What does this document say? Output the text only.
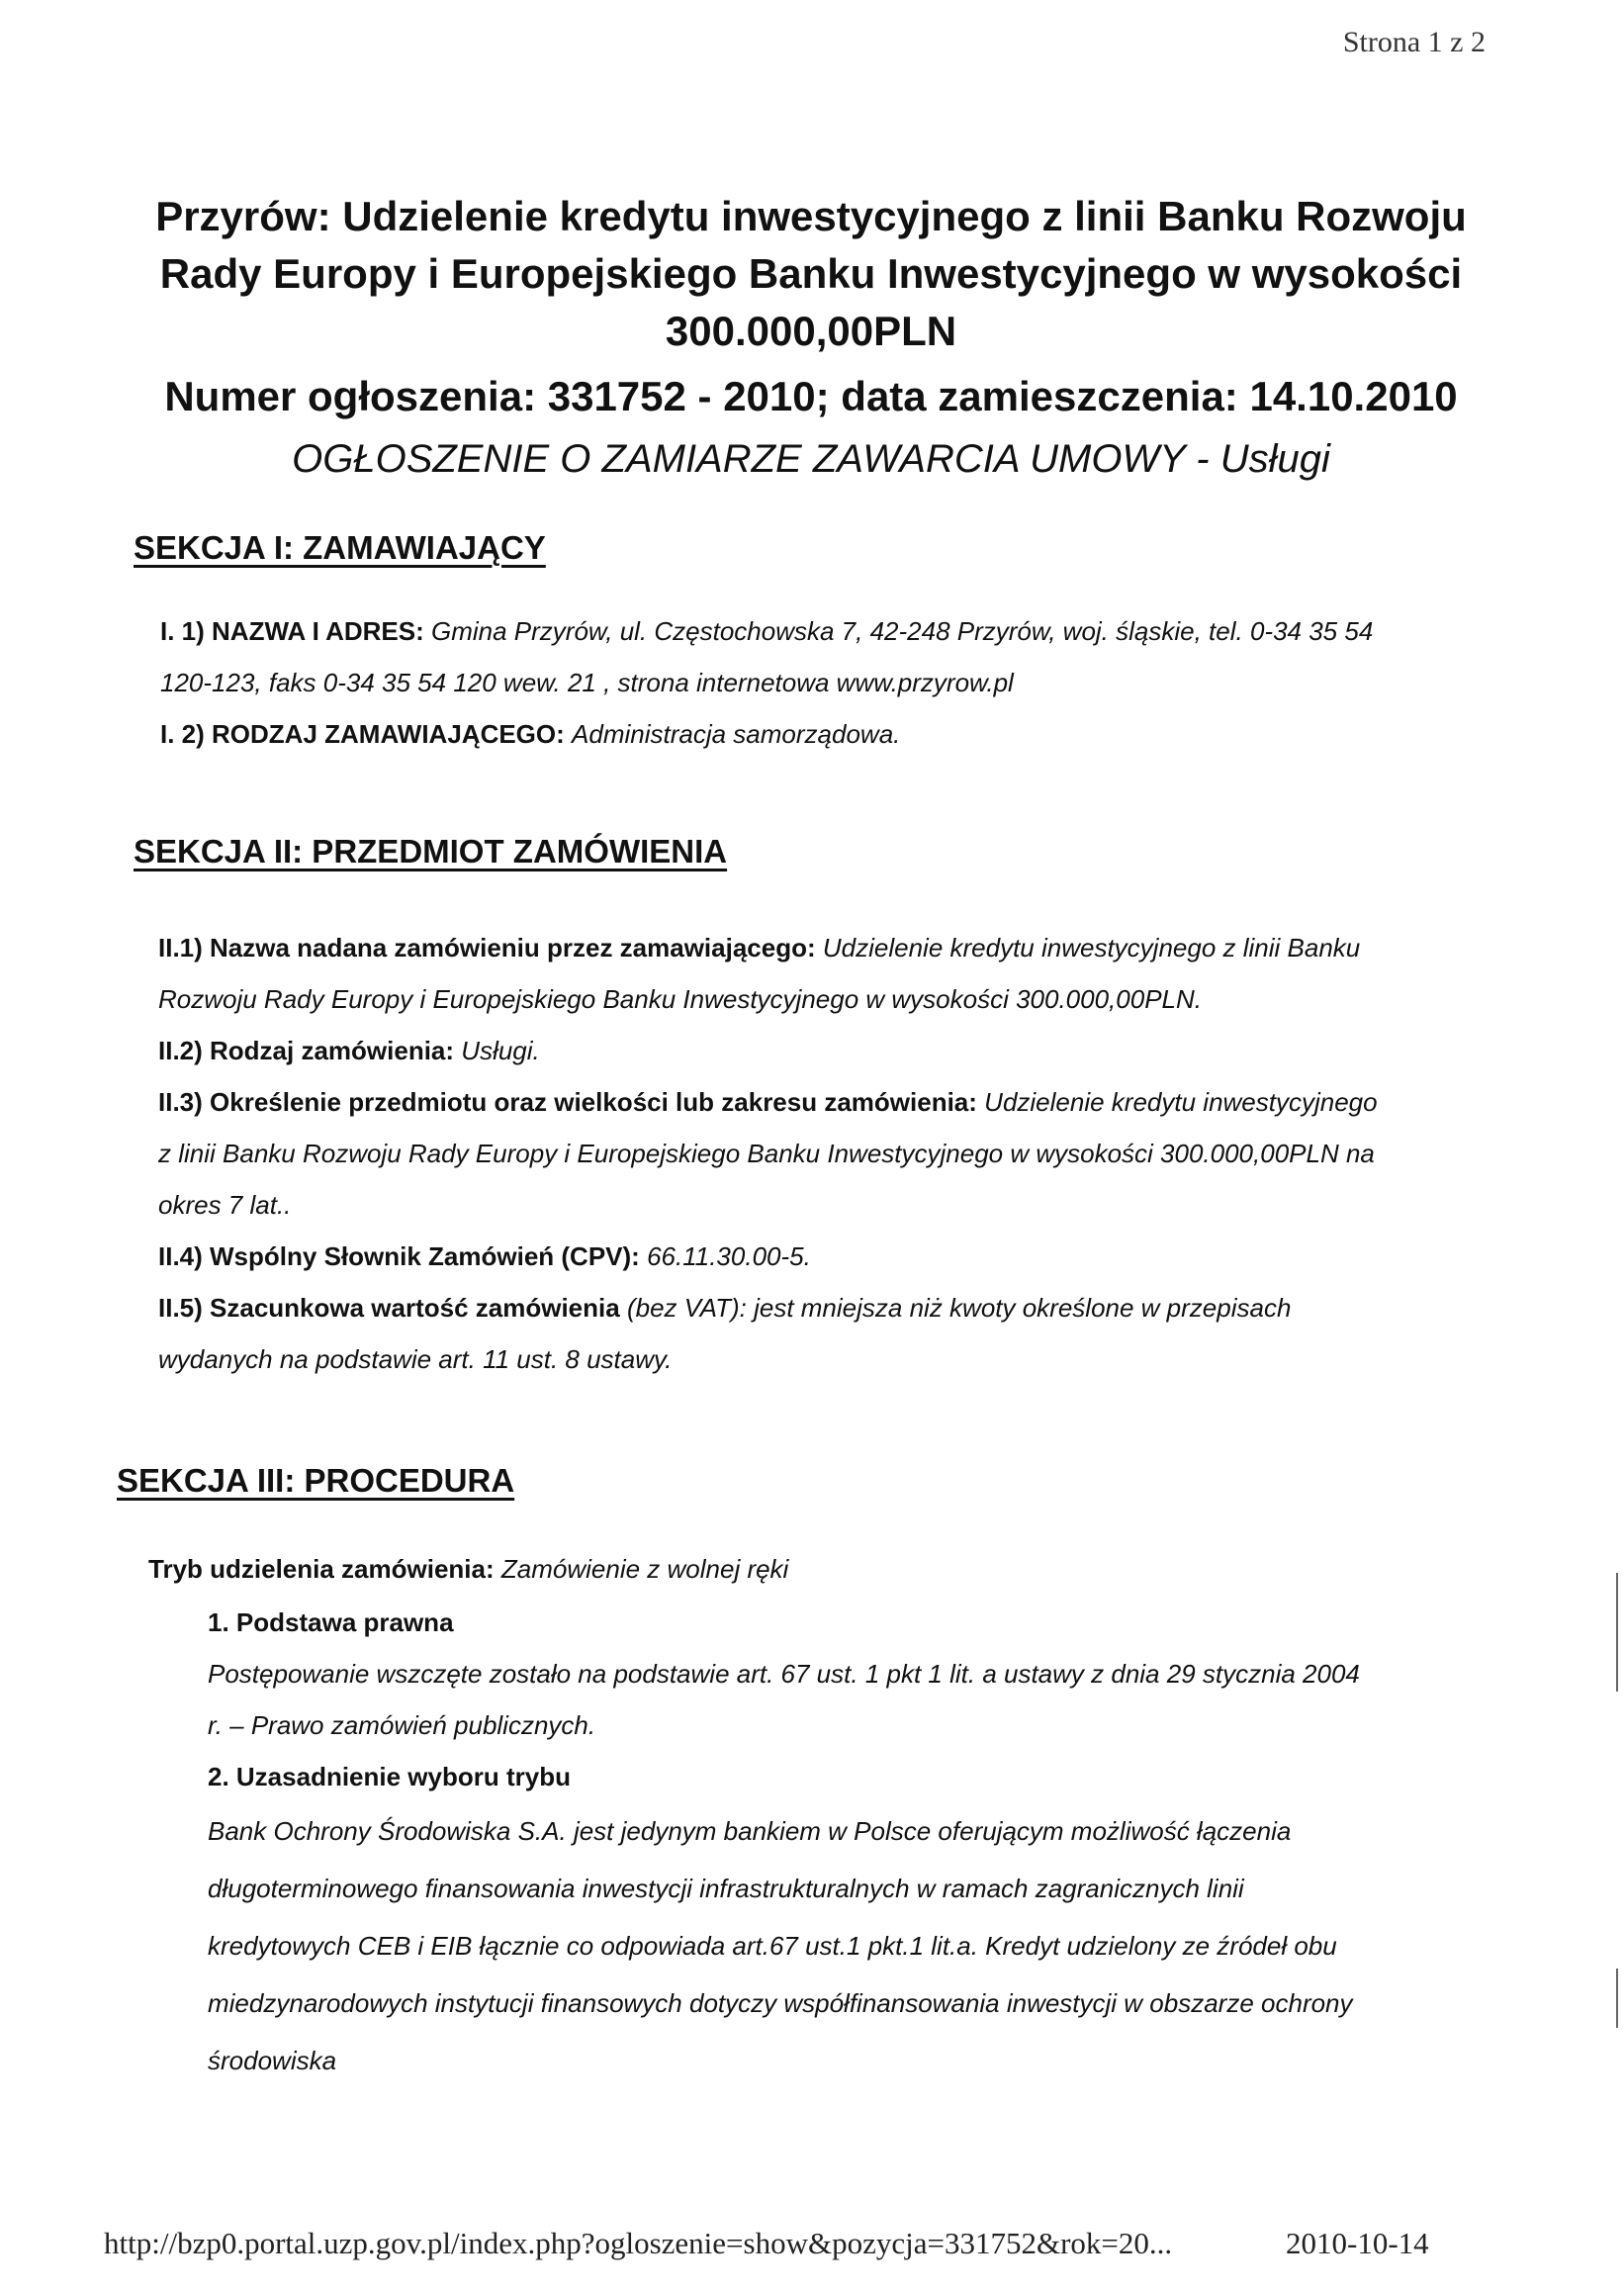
Strona 1 z 2

Przyrów: Udzielenie kredytu inwestycyjnego z linii Banku Rozwoju

Rady Europy i Europejskiego Banku Inwestycyjnego w wysokości

300.000,00PLN

Numer ogłoszenia: 331752 - 2010; data zamieszczenia: 14.10.2010

OGŁOSZENIE O ZAMIARZE ZAWARCIA UMOWY - Usługi
SEKCJA I: ZAMAWIAJĄCY
I. 1) NAZWA I ADRES: Gmina Przyrów, ul. Częstochowska 7, 42-248 Przyrów, woj. śląskie, tel. 0-34 35 54
120-123, faks 0-34 35 54 120 wew. 21 , strona internetowa www.przyrow.pl
I. 2) RODZAJ ZAMAWIAJĄCEGO: Administracja samorządowa.
SEKCJA II: PRZEDMIOT ZAMÓWIENIA
II.1) Nazwa nadana zamówieniu przez zamawiającego: Udzielenie kredytu inwestycyjnego z linii Banku
Rozwoju Rady Europy i Europejskiego Banku Inwestycyjnego w wysokości 300.000,00PLN.
II.2) Rodzaj zamówienia: Usługi.
II.3) Określenie przedmiotu oraz wielkości lub zakresu zamówienia: Udzielenie kredytu inwestycyjnego
z linii Banku Rozwoju Rady Europy i Europejskiego Banku Inwestycyjnego w wysokości 300.000,00PLN na
okres 7 lat..
II.4) Wspólny Słownik Zamówień (CPV): 66.11.30.00-5.
II.5) Szacunkowa wartość zamówienia (bez VAT): jest mniejsza niż kwoty określone w przepisach
wydanych na podstawie art. 11 ust. 8 ustawy.
SEKCJA III: PROCEDURA
Tryb udzielenia zamówienia: Zamówienie z wolnej ręki
1. Podstawa prawna
Postępowanie wszczęte zostało na podstawie art. 67 ust. 1 pkt 1 lit. a ustawy z dnia 29 stycznia 2004
r. – Prawo zamówień publicznych.
2. Uzasadnienie wyboru trybu
Bank Ochrony Środowiska S.A. jest jedynym bankiem w Polsce oferującym możliwość łączenia
długoterminowego finansowania inwestycji infrastrukturalnych w ramach zagranicznych linii
kredytowych CEB i EIB łącznie co odpowiada art.67 ust.1 pkt.1 lit.a. Kredyt udzielony ze źródeł obu
miedzynarodowych instytucji finansowych dotyczy współfinansowania inwestycji w obszarze ochrony
środowiska
http://bzp0.portal.uzp.gov.pl/index.php?ogloszenie=show&pozycja=331752&rok=20...	2010-10-14
